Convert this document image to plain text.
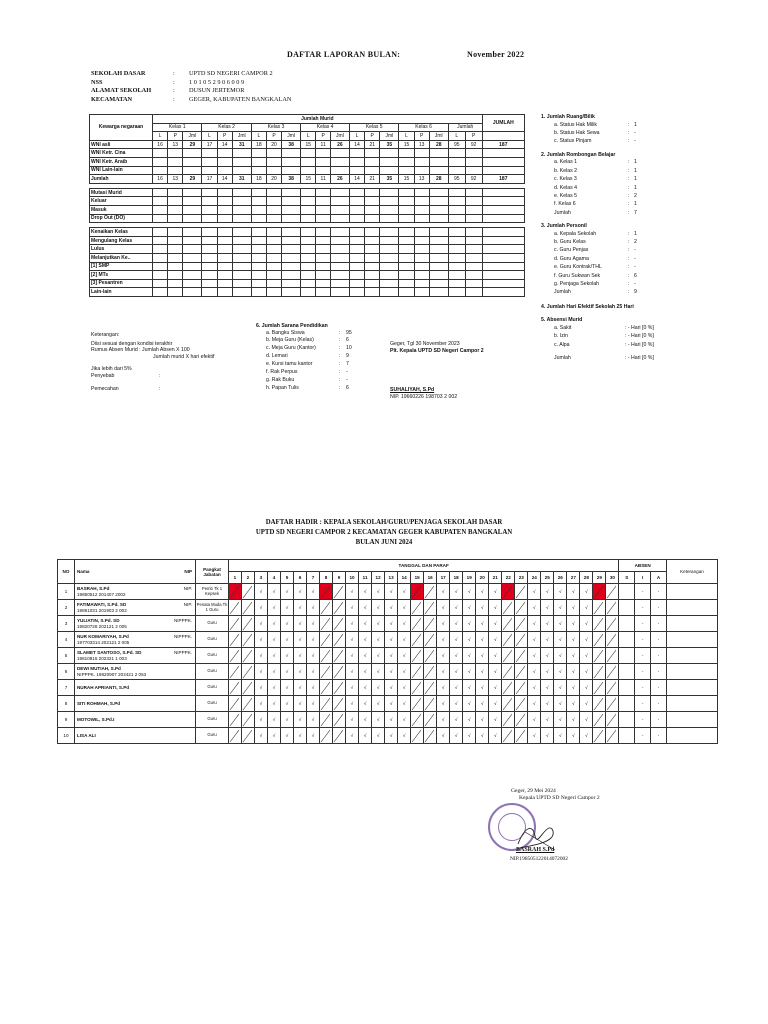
DAFTAR LAPORAN BULAN:	November 2022
SEKOLAH DASAR	: UPTD SD NEGERI CAMPOR 2
NSS	: 1 0 1 0 5 2 9 0 6 0 0 9
ALAMAT SEKOLAH	: DUSUN JERTEMOR
KECAMATAN	: GEGER, KABUPATEN BANGKALAN
Kewarga negaraan	Jumlah Murid																				JUMLAH
	Kelas 1			Kelas 2			Kelas 3			Kelas 4			Kelas 5			Kelas 6			Jumlah		
	L	P	Jml	L	P	Jml	L	P	Jml	L	P	Jml	L	P	Jml	L	P	Jml	L	P	
WNI asli	16	13	29	17	14	31	18	20	38	15	11	26	14	21	35	15	13	28	95	92	187
WNI Ketr. Cina																					
WNI Ketr. Araib																					
WNI Lain-lain																					
Jumlah	16	13	29	17	14	31	18	20	38	15	11	26	14	21	35	15	13	28	95	92	187

Mutasi Murid																					
Keluar																					
Masuk																					
Drop Out (DO)																					

Kenaikan Kelas																					
Mengulang Kelas																					
Lulus																					
Melanjutkan Ke..																					
[1] SMP																					
[2] MTs																					
[3] Pesantren																					
Lain-lain																					
1. Jumlah Ruang/Bilik
a. Status Hak Milik	: 1
b. Status Hak Sewa	: -
c. Status Pinjam	: -
2. Jumlah Rombongan Belajar
a. Kelas 1	: 1
b. Kelas 2	: 1
c. Kelas 3	: 1
d. Kelas 4	: 1
e. Kelas 5	: 2
f. Kelas 6	: 1
Jumlah	: 7
3. Jumlah Personil
a. Kepala Sekolah	: 1
b. Guru Kelas	: 2
c. Guru Penjas	: -
d. Guru Agama	: -
e. Guru Kontrak/THL	: -
f. Guru Sukwan Sek	: 6
g. Penjaga Sekolah	: -
Jumlah	: 9
4. Jumlah Hari Efektif Sekolah 25 Hari
5. Absensi Murid
a. Sakit	: - Hari [0 %]
b. Izin	: - Hari [0 %]
c. Alpa	: - Hari [0 %]
Jumlah	: - Hari [0 %]
6. Jumlah Sarana Pendidikan
a. Bangku Siswa	: 95
b. Meja Guru (Kelas)	: 6
c. Meja Guru (Kantor)	: 10
d. Lemari	: 9
e. Kursi tamu kantor	: 7
f. Rak Perpus	: -
g. Rak Buku	: -
h. Papan Tulis	: 6
Keterangan:
Diisi sesuai dengan kondisi terakhir
Rumus Absen Murid : Jumlah Absen X 100
Jumlah murid X hari efektif
Jika lebih dari 5%
Penyebab	:
Pemecahan	:
Geger, Tgl 30 November 2023
Plt. Kepala UPTD SD Negeri Campor 2
SUHALIYAH, S.Pd
NIP. 19660226 198703 2 002
DAFTAR HADIR : KEPALA SEKOLAH/GURU/PENJAGA SEKOLAH DASAR
UPTD SD NEGERI CAMPOR 2 KECAMATAN GEGER KABUPATEN BANGKALAN
BULAN JUNI 2024
NO	Nama NIP	Pangkat Jabatan	TANGGAL DAN PARAF																														ABSEN			Keterangan
			1	2	3	4	5	6	7	8	9	10	11	12	13	14	15	16	17	18	19	20	21	22	23	24	25	26	27	28	29	30	S	I	A	
1	BASRAH, S.Pd NIP.
19850512 201407 2002	Pemb Tk 1 Kepsek			√	√	√	√	√			√	√	√	√	√			√	√	√	√	√			√	√	√	√	√				-	-	
2	FATIMAWATI, S.Pd. SD NIP.
19851031 201903 2 002	Penata Muda Tk 1 Guru			√	√	√	√	√			√	√	√	√	√			√	√	√	√	√			√	√	√	√	√				-	-	
3	YULIATIN, S.Pd. SD NIPPPK.
19820728 202121 2 005	Guru			√	√	√	√	√			√	√	√	√	√			√	√	√	√	√			√	√	√	√	√				-	-	
4	NUR KOMARIYAH, S.Pd NIPPPK.
197703314 202121 2 005	Guru			√	√	√	√	√			√	√	√	√	√			√	√	√	√	√			√	√	√	√	√				-	-	
5	SLAMET SANTOSO, S.Pd. SD NIPPPK.
19810815 202321 1 003	Guru			√	√	√	√	√			√	√	√	√	√			√	√	√	√	√			√	√	√	√	√				-	-	
6	DEWI MUTIAH, S.Pd
NIPPPK. 19820907 202421 2 053	Guru			√	√	√	√	√			√	√	√	√	√			√	√	√	√	√			√	√	√	√	√				-	-	
7	NURAH APRIANTI, S.Pd	Guru			√	√	√	√	√			√	√	√	√	√			√	√	√	√	√			√	√	√	√	√				-	-	
8	SITI ROHMAH, S.Pd	Guru			√	√	√	√	√			√	√	√	√	√			√	√	√	√	√			√	√	√	√	√				-	-	
9	MOTOWIL, S.Pd.I	Guru			√	√	√	√	√			√	√	√	√	√			√	√	√	√	√			√	√	√	√	√				-	-	
10	LISA ALI	Guru			√	√	√	√	√			√	√	√	√	√			√	√	√	√	√			√	√	√	√	√				-	-	
Geger, 29 Mei 2024
Kepala UPTD SD Negeri Campor 2
BASRAH S.Pd
NIP.198505122014072002
